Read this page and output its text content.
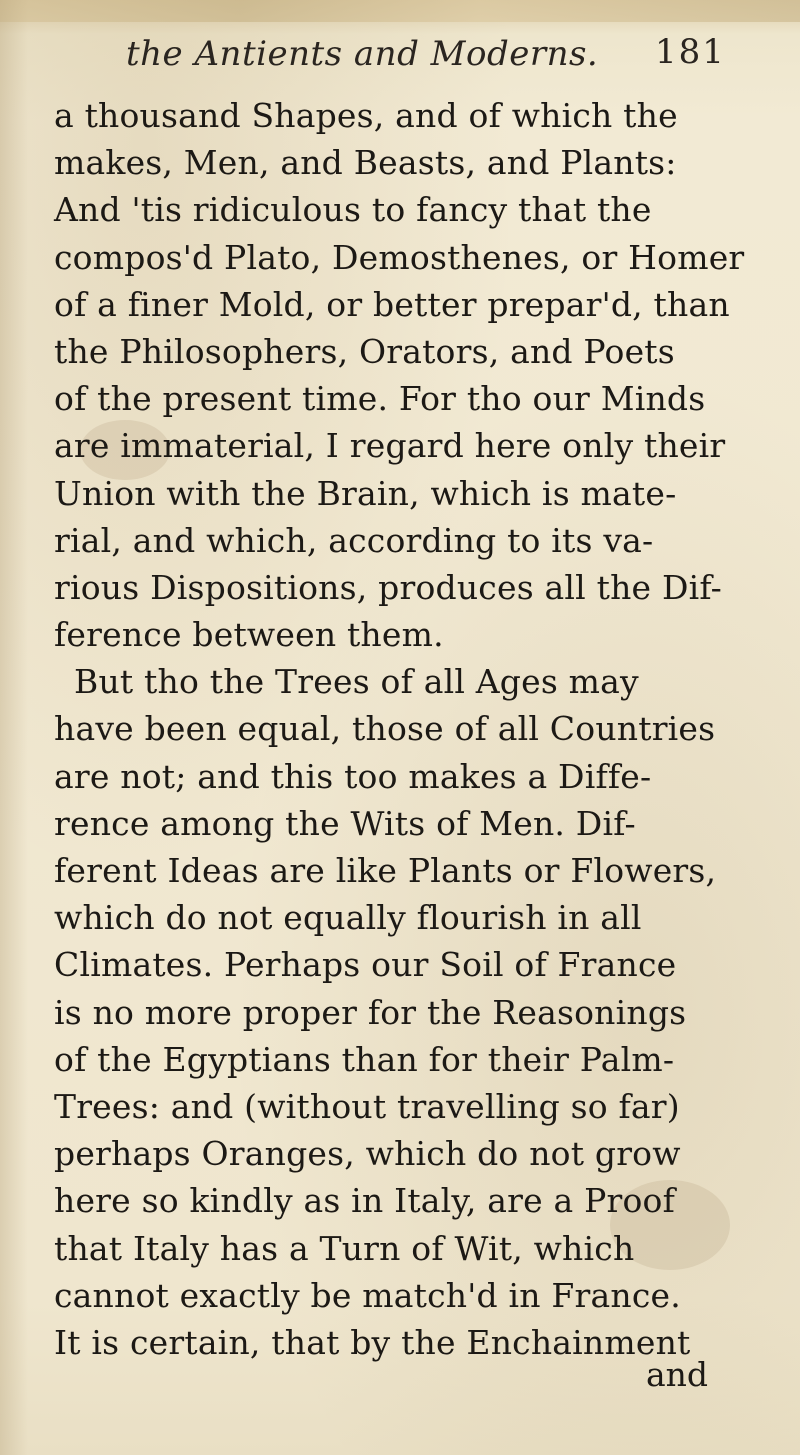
the Antients and Moderns. 181
a thousand Shapes, and of which the
makes, Men, and Beasts, and Plants:
And 'tis ridiculous to fancy that the
compos'd Plato, Demosthenes, or Homer
of a finer Mold, or better prepar'd, than
the Philosophers, Orators, and Poets
of the present time. For tho our Minds
are immaterial, I regard here only their
Union with the Brain, which is mate-
rial, and which, according to its va-
rious Dispositions, produces all the Dif-
ference between them.
But tho the Trees of all Ages may
have been equal, those of all Countries
are not; and this too makes a Diffe-
rence among the Wits of Men. Dif-
ferent Ideas are like Plants or Flowers,
which do not equally flourish in all
Climates. Perhaps our Soil of France
is no more proper for the Reasonings
of the Egyptians than for their Palm-
Trees: and (without travelling so far)
perhaps Oranges, which do not grow
here so kindly as in Italy, are a Proof
that Italy has a Turn of Wit, which
cannot exactly be match'd in France.
It is certain, that by the Enchainment
and
